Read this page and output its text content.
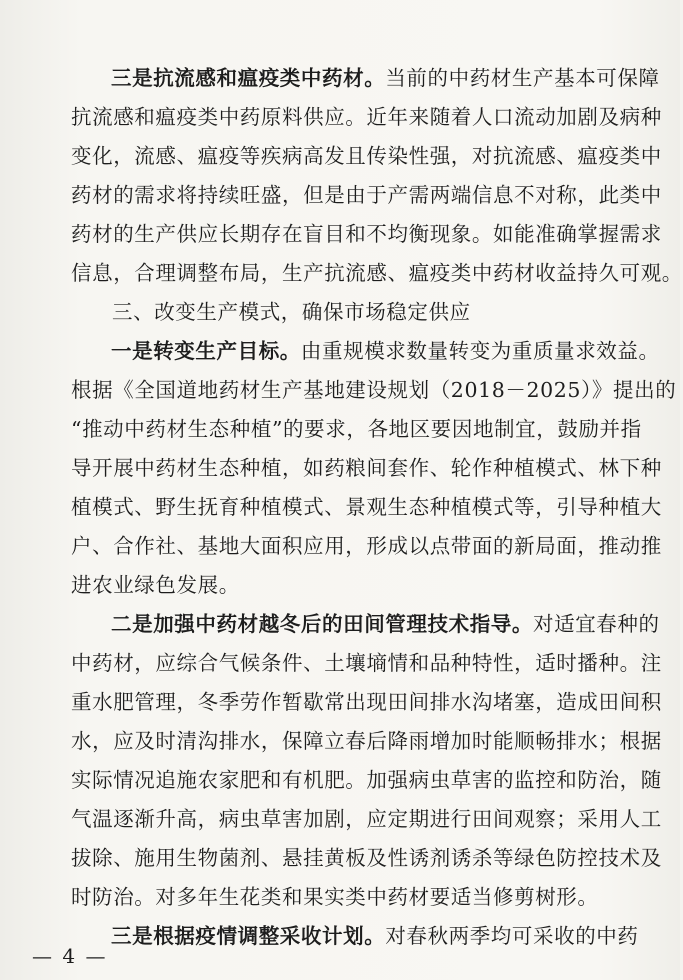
三是抗流感和瘟疫类中药材。当前的中药材生产基本可保障
抗流感和瘟疫类中药原料供应。近年来随着人口流动加剧及病种
变化，流感、瘟疫等疾病高发且传染性强，对抗流感、瘟疫类中
药材的需求将持续旺盛，但是由于产需两端信息不对称，此类中
药材的生产供应长期存在盲目和不均衡现象。如能准确掌握需求
信息，合理调整布局，生产抗流感、瘟疫类中药材收益持久可观。
三、改变生产模式，确保市场稳定供应
一是转变生产目标。由重规模求数量转变为重质量求效益。
根据《全国道地药材生产基地建设规划（2018－2025）》提出的
“推动中药材生态种植”的要求，各地区要因地制宜，鼓励并指
导开展中药材生态种植，如药粮间套作、轮作种植模式、林下种
植模式、野生抚育种植模式、景观生态种植模式等，引导种植大
户、合作社、基地大面积应用，形成以点带面的新局面，推动推
进农业绿色发展。
二是加强中药材越冬后的田间管理技术指导。对适宜春种的
中药材，应综合气候条件、土壤墒情和品种特性，适时播种。注
重水肥管理，冬季劳作暂歇常出现田间排水沟堵塞，造成田间积
水，应及时清沟排水，保障立春后降雨增加时能顺畅排水；根据
实际情况追施农家肥和有机肥。加强病虫草害的监控和防治，随
气温逐渐升高，病虫草害加剧，应定期进行田间观察；采用人工
拔除、施用生物菌剂、悬挂黄板及性诱剂诱杀等绿色防控技术及
时防治。对多年生花类和果实类中药材要适当修剪树形。
三是根据疫情调整采收计划。对春秋两季均可采收的中药
— 4 —
